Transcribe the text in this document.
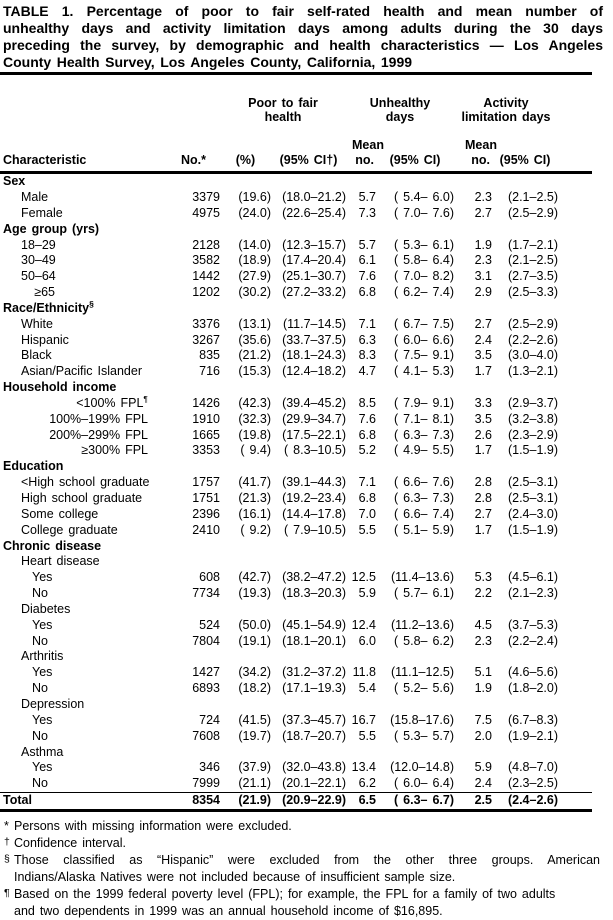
TABLE 1. Percentage of poor to fair self-rated health and mean number of
unhealthy days and activity limitation days among adults during the 30 days
preceding the survey, by demographic and health characteristics — Los Angeles
County Health Survey, Los Angeles County, California, 1999
Poor to fair
health
Unhealthy
days
Activity
limitation days
Mean	Mean
Characteristic	No.*	(%)	(95% CI†)	no.	(95% CI)	no. (95% CI)
Sex
Male	3379	(19.6) (18.0–21.2)	5.7	( 5.4– 6.0)	2.3	(2.1–2.5)
Female	4975	(24.0) (22.6–25.4)	7.3	( 7.0– 7.6)	2.7	(2.5–2.9)
Age group (yrs)
18–29	2128	(14.0) (12.3–15.7)	5.7	( 5.3– 6.1)	1.9	(1.7–2.1)
30–49	3582	(18.9) (17.4–20.4)	6.1	( 5.8– 6.4)	2.3	(2.1–2.5)
50–64	1442	(27.9) (25.1–30.7)	7.6	( 7.0– 8.2)	3.1	(2.7–3.5)
≥65	1202	(30.2) (27.2–33.2)	6.8	( 6.2– 7.4)	2.9	(2.5–3.3)
Race/Ethnicity§
White	3376	(13.1) (11.7–14.5)	7.1	( 6.7– 7.5)	2.7	(2.5–2.9)
Hispanic	3267	(35.6) (33.7–37.5)	6.3	( 6.0– 6.6)	2.4	(2.2–2.6)
Black	835	(21.2) (18.1–24.3)	8.3	( 7.5– 9.1)	3.5	(3.0–4.0)
Asian/Pacific Islander	716	(15.3) (12.4–18.2)	4.7	( 4.1– 5.3)	1.7	(1.3–2.1)
Household income
<100% FPL¶	1426	(42.3) (39.4–45.2)	8.5	( 7.9– 9.1)	3.3	(2.9–3.7)
100%–199% FPL	1910	(32.3) (29.9–34.7)	7.6	( 7.1– 8.1)	3.5	(3.2–3.8)
200%–299% FPL	1665	(19.8) (17.5–22.1)	6.8	( 6.3– 7.3)	2.6	(2.3–2.9)
≥300% FPL	3353	( 9.4)	( 8.3–10.5)	5.2	( 4.9– 5.5)	1.7	(1.5–1.9)
Education
<High school graduate	1757	(41.7) (39.1–44.3)	7.1	( 6.6– 7.6)	2.8	(2.5–3.1)
High school graduate	1751	(21.3) (19.2–23.4)	6.8	( 6.3– 7.3)	2.8	(2.5–3.1)
Some college	2396	(16.1) (14.4–17.8)	7.0	( 6.6– 7.4)	2.7	(2.4–3.0)
College graduate	2410	( 9.2)	( 7.9–10.5)	5.5	( 5.1– 5.9)	1.7	(1.5–1.9)
Chronic disease
Heart disease
Yes	608	(42.7) (38.2–47.2) 12.5	(11.4–13.6)	5.3	(4.5–6.1)
No	7734	(19.3) (18.3–20.3)	5.9	( 5.7– 6.1)	2.2	(2.1–2.3)
Diabetes
Yes	524	(50.0) (45.1–54.9) 12.4	(11.2–13.6)	4.5	(3.7–5.3)
No	7804	(19.1) (18.1–20.1)	6.0	( 5.8– 6.2)	2.3	(2.2–2.4)
Arthritis
Yes	1427	(34.2) (31.2–37.2) 11.8	(11.1–12.5)	5.1	(4.6–5.6)
No	6893	(18.2) (17.1–19.3)	5.4	( 5.2– 5.6)	1.9	(1.8–2.0)
Depression
Yes	724	(41.5) (37.3–45.7) 16.7	(15.8–17.6)	7.5	(6.7–8.3)
No	7608	(19.7) (18.7–20.7)	5.5	( 5.3– 5.7)	2.0	(1.9–2.1)
Asthma
Yes	346	(37.9) (32.0–43.8) 13.4	(12.0–14.8)	5.9	(4.8–7.0)
No	7999	(21.1) (20.1–22.1)	6.2	( 6.0– 6.4)	2.4	(2.3–2.5)
Total	8354	(21.9) (20.9–22.9)	6.5	( 6.3– 6.7)	2.5	(2.4–2.6)
* Persons with missing information were excluded.
† Confidence interval.
§ Those classified as “Hispanic” were excluded from the other three groups. American
Indians/Alaska Natives were not included because of insufficient sample size.
¶ Based on the 1999 federal poverty level (FPL); for example, the FPL for a family of two adults
and two dependents in 1999 was an annual household income of $16,895.
